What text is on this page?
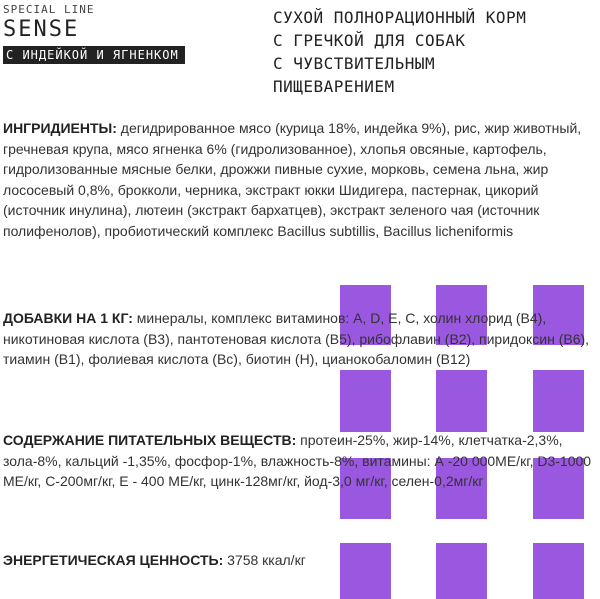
SPECIAL LINE
SENSE
С ИНДЕЙКОЙ И ЯГНЕНКОМ
СУХОЙ ПОЛНОРАЦИОННЫЙ КОРМ
С ГРЕЧКОЙ ДЛЯ СОБАК
С ЧУВСТВИТЕЛЬНЫМ
ПИЩЕВАРЕНИЕМ

ИНГРИДИЕНТЫ: дегидрированное мясо (курица 18%, индейка 9%), рис, жир животный, гречневая крупа, мясо ягненка 6% (гидролизованное), хлопья овсяные, картофель, гидролизованные мясные белки, дрожжи пивные сухие, морковь, семена льна, жир лососевый 0,8%, брокколи, черника, экстракт юкки Шидигера, пастернак, цикорий (источник инулина), лютеин (экстракт бархатцев), экстракт зеленого чая (источник полифенолов), пробиотический комплекс Bacillus subtillis, Bacillus licheniformis

ДОБАВКИ НА 1 КГ: минералы, комплекс витаминов: A, D, E, C, холин хлорид (B4), никотиновая кислота (B3), пантотеновая кислота (B5), рибофлавин (B2), пиридоксин (B6), тиамин (B1), фолиевая кислота (Bc), биотин (H), цианокобаломин (B12)

СОДЕРЖАНИЕ ПИТАТЕЛЬНЫХ ВЕЩЕСТВ: протеин-25%, жир-14%, клетчатка-2,3%, зола-8%, кальций -1,35%, фосфор-1%, влажность-8%, витамины: А -20 000МЕ/кг, D3-1000 МЕ/кг, С-200мг/кг, Е - 400 МЕ/кг, цинк-128мг/кг, йод-3,0 мг/кг, селен-0,2мг/кг

ЭНЕРГЕТИЧЕСКАЯ ЦЕННОСТЬ: 3758 ккал/кг
